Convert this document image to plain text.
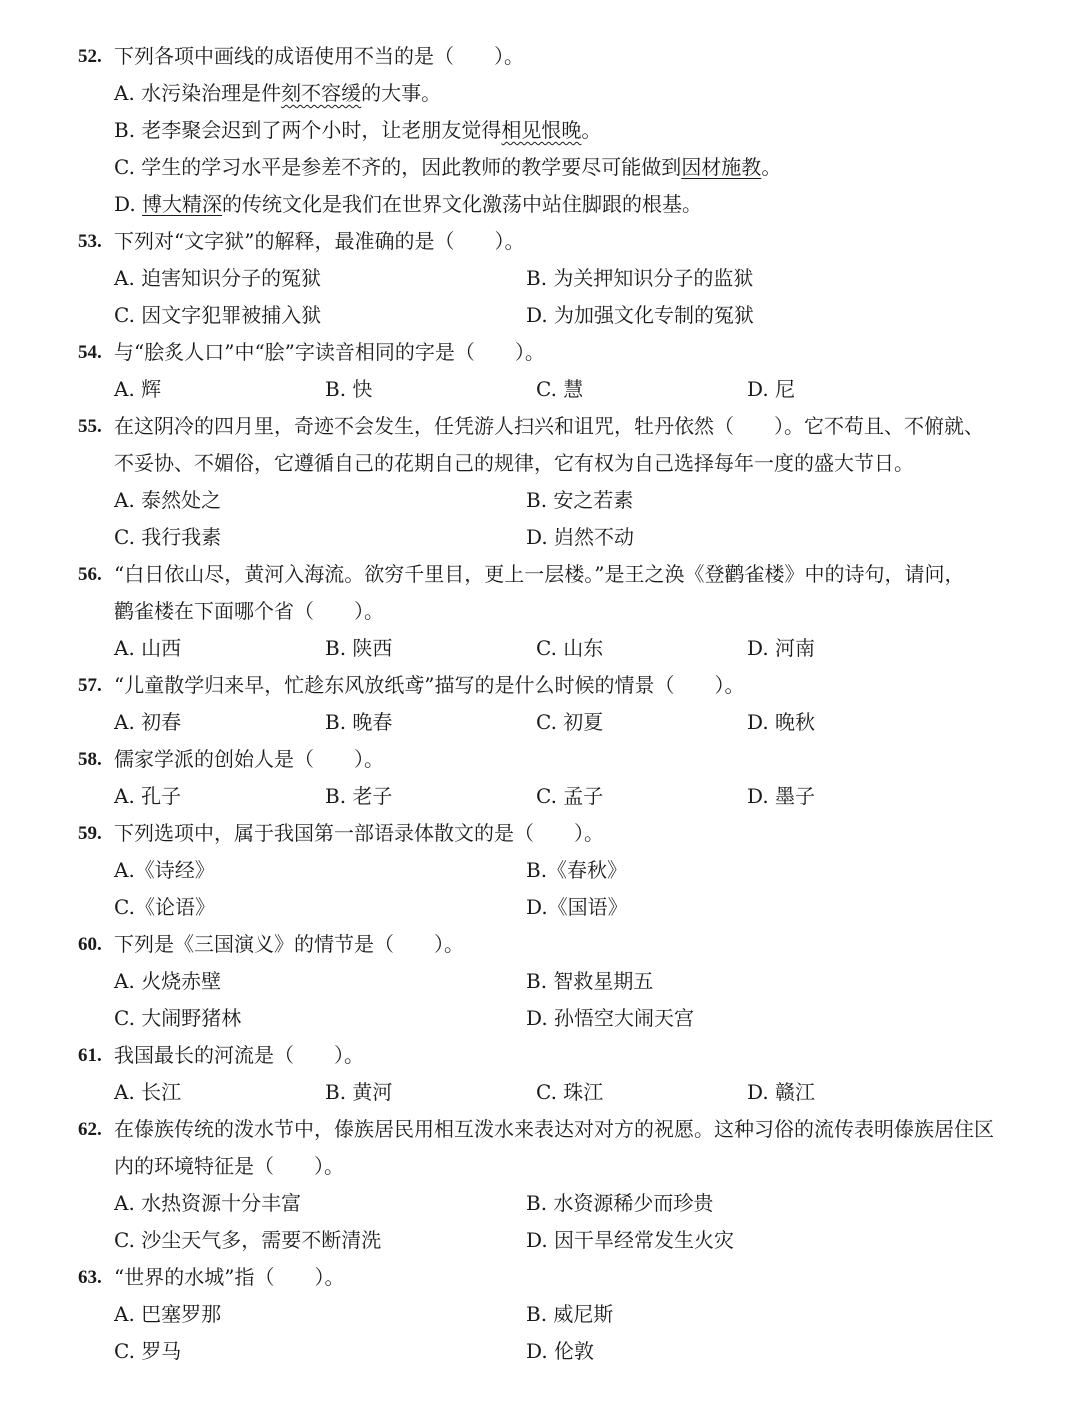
52. 下列各项中画线的成语使用不当的是（　　）。
A. 水污染治理是件刻不容缓的大事。
B. 老李聚会迟到了两个小时，让老朋友觉得相见恨晚。
C. 学生的学习水平是参差不齐的，因此教师的教学要尽可能做到因材施教。
D. 博大精深的传统文化是我们在世界文化激荡中站住脚跟的根基。
53. 下列对“文字狱”的解释，最准确的是（　　）。
A. 迫害知识分子的冤狱	B. 为关押知识分子的监狱
C. 因文字犯罪被捕入狱	D. 为加强文化专制的冤狱
54. 与“脍炙人口”中“脍”字读音相同的字是（　　）。
A. 辉	B. 快	C. 慧	D. 尼
55. 在这阴冷的四月里，奇迹不会发生，任凭游人扫兴和诅咒，牡丹依然（　　）。它不苟且、不俯就、
不妥协、不媚俗，它遵循自己的花期自己的规律，它有权为自己选择每年一度的盛大节日。
A. 泰然处之	B. 安之若素
C. 我行我素	D. 岿然不动
56. “白日依山尽，黄河入海流。欲穷千里目，更上一层楼。”是王之涣《登鹳雀楼》中的诗句，请问，
鹳雀楼在下面哪个省（　　）。
A. 山西	B. 陕西	C. 山东	D. 河南
57. “儿童散学归来早，忙趁东风放纸鸢”描写的是什么时候的情景（　　）。
A. 初春	B. 晚春	C. 初夏	D. 晚秋
58. 儒家学派的创始人是（　　）。
A. 孔子	B. 老子	C. 孟子	D. 墨子
59. 下列选项中，属于我国第一部语录体散文的是（　　）。
A.《诗经》	B.《春秋》
C.《论语》	D.《国语》
60. 下列是《三国演义》的情节是（　　）。
A. 火烧赤壁	B. 智救星期五
C. 大闹野猪林	D. 孙悟空大闹天宫
61. 我国最长的河流是（　　）。
A. 长江	B. 黄河	C. 珠江	D. 赣江
62. 在傣族传统的泼水节中，傣族居民用相互泼水来表达对对方的祝愿。这种习俗的流传表明傣族居住区
内的环境特征是（　　）。
A. 水热资源十分丰富	B. 水资源稀少而珍贵
C. 沙尘天气多，需要不断清洗	D. 因干旱经常发生火灾
63. “世界的水城”指（　　）。
A. 巴塞罗那	B. 威尼斯
C. 罗马	D. 伦敦
